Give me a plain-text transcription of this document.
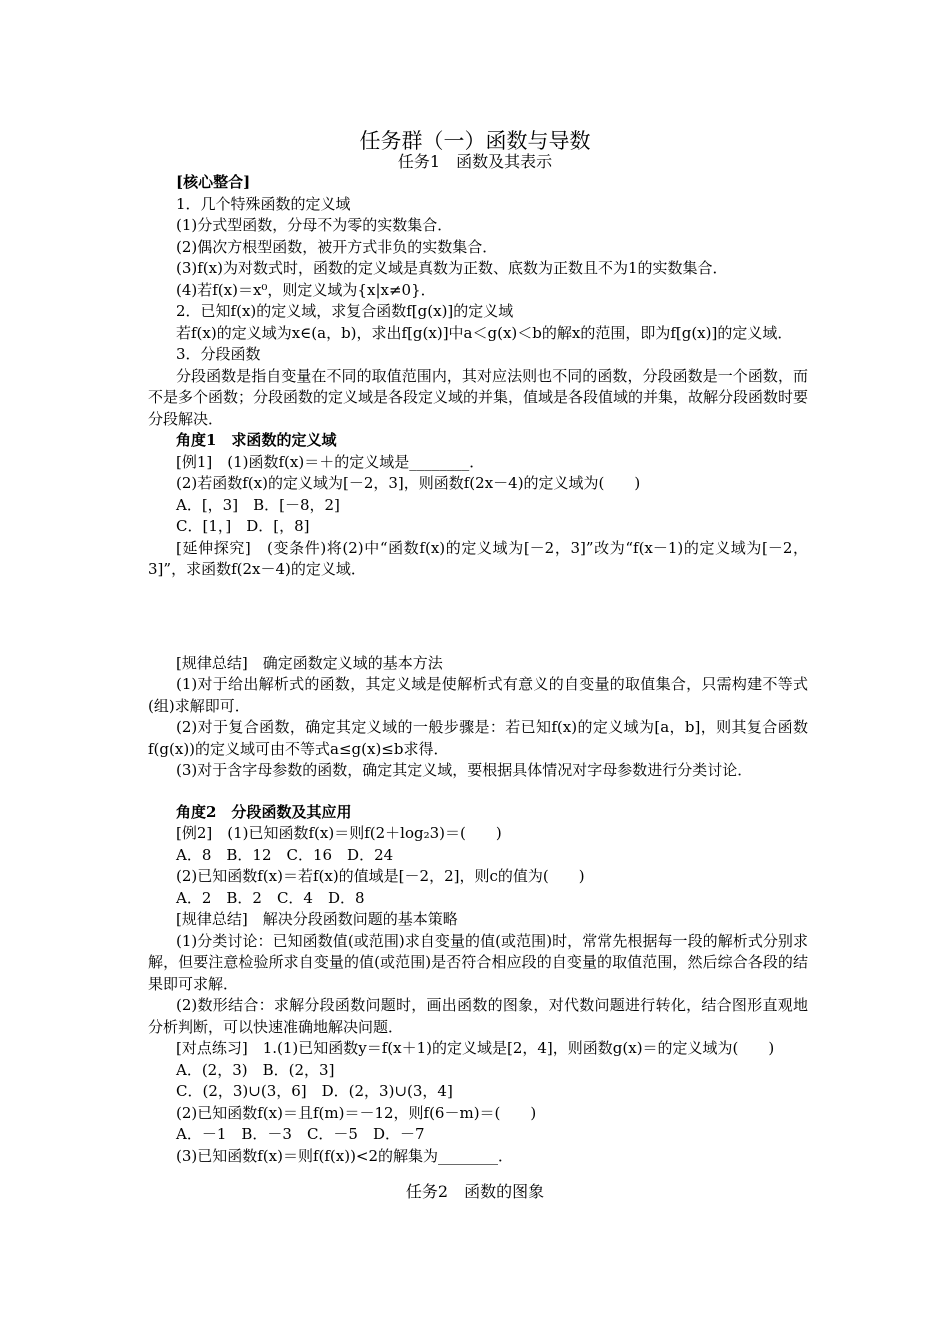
任务群（一）函数与导数
任务1　函数及其表示
[核心整合]
1．几个特殊函数的定义域
(1)分式型函数，分母不为零的实数集合．
(2)偶次方根型函数，被开方式非负的实数集合．
(3)f(x)为对数式时，函数的定义域是真数为正数、底数为正数且不为1的实数集合．
(4)若f(x)＝x⁰，则定义域为{x|x≠0}．
2．已知f(x)的定义域，求复合函数f[g(x)]的定义域
若f(x)的定义域为x∈(a，b)，求出f[g(x)]中a＜g(x)＜b的解x的范围，即为f[g(x)]的定义域．
3．分段函数
分段函数是指自变量在不同的取值范围内，其对应法则也不同的函数，分段函数是一个函数，而不是多个函数；分段函数的定义域是各段定义域的并集，值域是各段值域的并集，故解分段函数时要分段解决．
角度1　求函数的定义域
[例1]　(1)函数f(x)＝＋的定义域是________．
(2)若函数f(x)的定义域为[－2，3]，则函数f(2x－4)的定义域为(　　)
A．[，3]　B．[－8，2]
C．[1，]　D．[，8]
[延伸探究]　(变条件)将(2)中“函数f(x)的定义域为[－2，3]”改为“f(x－1)的定义域为[－2，3]”，求函数f(2x－4)的定义域．
[规律总结]　确定函数定义域的基本方法
(1)对于给出解析式的函数，其定义域是使解析式有意义的自变量的取值集合，只需构建不等式(组)求解即可．
(2)对于复合函数，确定其定义域的一般步骤是：若已知f(x)的定义域为[a，b]，则其复合函数f(g(x))的定义域可由不等式a≤g(x)≤b求得．
(3)对于含字母参数的函数，确定其定义域，要根据具体情况对字母参数进行分类讨论．
角度2　分段函数及其应用
[例2]　(1)已知函数f(x)＝则f(2＋log₂3)＝(　　)
A．8　B．12　C．16　D．24
(2)已知函数f(x)＝若f(x)的值域是[－2，2]，则c的值为(　　)
A．2　B．2　C．4　D．8
[规律总结]　解决分段函数问题的基本策略
(1)分类讨论：已知函数值(或范围)求自变量的值(或范围)时，常常先根据每一段的解析式分别求解，但要注意检验所求自变量的值(或范围)是否符合相应段的自变量的取值范围，然后综合各段的结果即可求解．
(2)数形结合：求解分段函数问题时，画出函数的图象，对代数问题进行转化，结合图形直观地分析判断，可以快速准确地解决问题．
[对点练习]　1.(1)已知函数y＝f(x＋1)的定义域是[2，4]，则函数g(x)＝的定义域为(　　)
A．(2，3)　B．(2，3]
C．(2，3)∪(3，6]　D．(2，3)∪(3，4]
(2)已知函数f(x)＝且f(m)＝－12，则f(6－m)＝(　　)
A．－1　B．－3　C．－5　D．－7
(3)已知函数f(x)＝则f(f(x))<2的解集为________．
任务2　函数的图象
